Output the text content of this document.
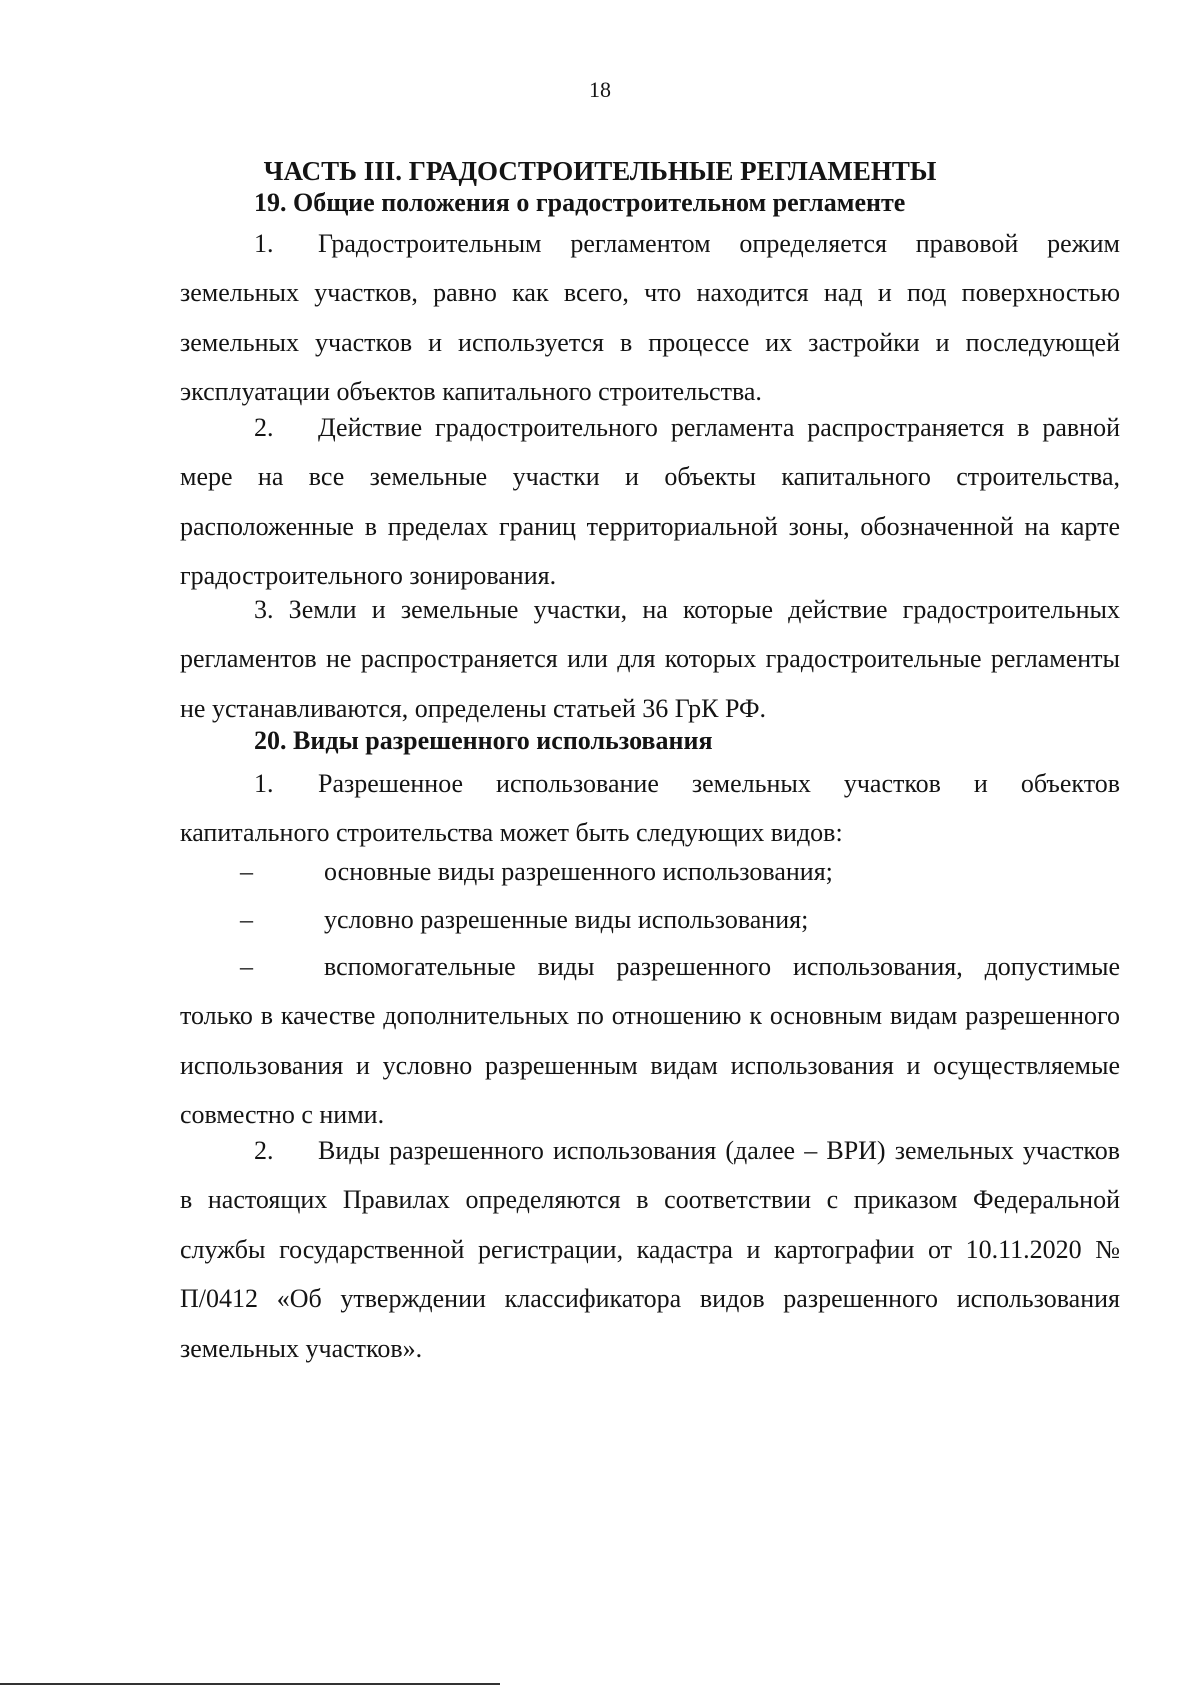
18
ЧАСТЬ III. ГРАДОСТРОИТЕЛЬНЫЕ РЕГЛАМЕНТЫ
19. Общие положения о градостроительном регламенте

1. Градостроительным регламентом определяется правовой режим земельных участков, равно как всего, что находится над и под поверхностью земельных участков и используется в процессе их застройки и последующей эксплуатации объектов капитального строительства.

2. Действие градостроительного регламента распространяется в равной мере на все земельные участки и объекты капитального строительства, расположенные в пределах границ территориальной зоны, обозначенной на карте градостроительного зонирования.

3. Земли и земельные участки, на которые действие градостроительных регламентов не распространяется или для которых градостроительные регламенты не устанавливаются, определены статьей 36 ГрК РФ.

20. Виды разрешенного использования

1. Разрешенное использование земельных участков и объектов капитального строительства может быть следующих видов:

–	основные виды разрешенного использования;

–	условно разрешенные виды использования;

–	вспомогательные виды разрешенного использования, допустимые только в качестве дополнительных по отношению к основным видам разрешенного использования и условно разрешенным видам использования и осуществляемые совместно с ними.

2. Виды разрешенного использования (далее – ВРИ) земельных участков в настоящих Правилах определяются в соответствии с приказом Федеральной службы государственной регистрации, кадастра и картографии от 10.11.2020 № П/0412 «Об утверждении классификатора видов разрешенного использования земельных участков».
